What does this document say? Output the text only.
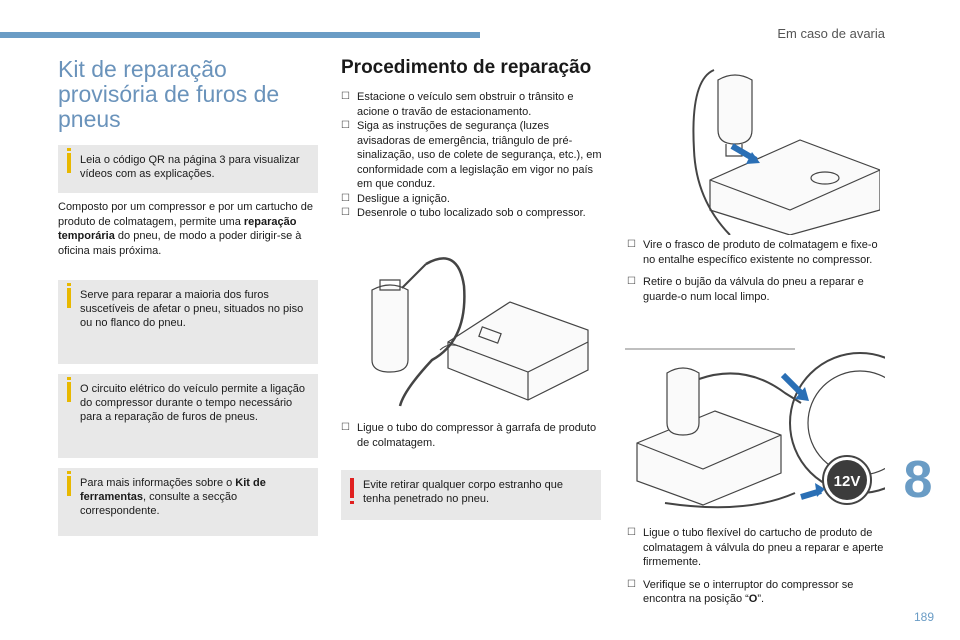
Em caso de avaria
Kit de reparação provisória de furos de pneus
Leia o código QR na página 3 para visualizar vídeos com as explicações.

Composto por um compressor e por um cartucho de produto de colmatagem, permite uma reparação temporária do pneu, de modo a poder dirigir-se à oficina mais próxima.

Serve para reparar a maioria dos furos suscetíveis de afetar o pneu, situados no piso ou no flanco do pneu.
O circuito elétrico do veículo permite a ligação do compressor durante o tempo necessário para a reparação de furos de pneus.
Para mais informações sobre o Kit de ferramentas, consulte a secção correspondente.
Procedimento de reparação
☐ Estacione o veículo sem obstruir o trânsito e acione o travão de estacionamento.
☐ Siga as instruções de segurança (luzes avisadoras de emergência, triângulo de pré-sinalização, uso de colete de segurança, etc.), em conformidade com a legislação em vigor no país em que conduz.
☐ Desligue a ignição.
☐ Desenrole o tubo localizado sob o compressor.
☐ Ligue o tubo do compressor à garrafa de produto de colmatagem.
Evite retirar qualquer corpo estranho que tenha penetrado no pneu.
☐ Vire o frasco de produto de colmatagem e fixe-o no entalhe específico existente no compressor.
☐ Retire o bujão da válvula do pneu a reparar e guarde-o num local limpo.
12V
☐ Ligue o tubo flexível do cartucho de produto de colmatagem à válvula do pneu a reparar e aperte firmemente.
☐ Verifique se o interruptor do compressor se encontra na posição “O”.
8
189
